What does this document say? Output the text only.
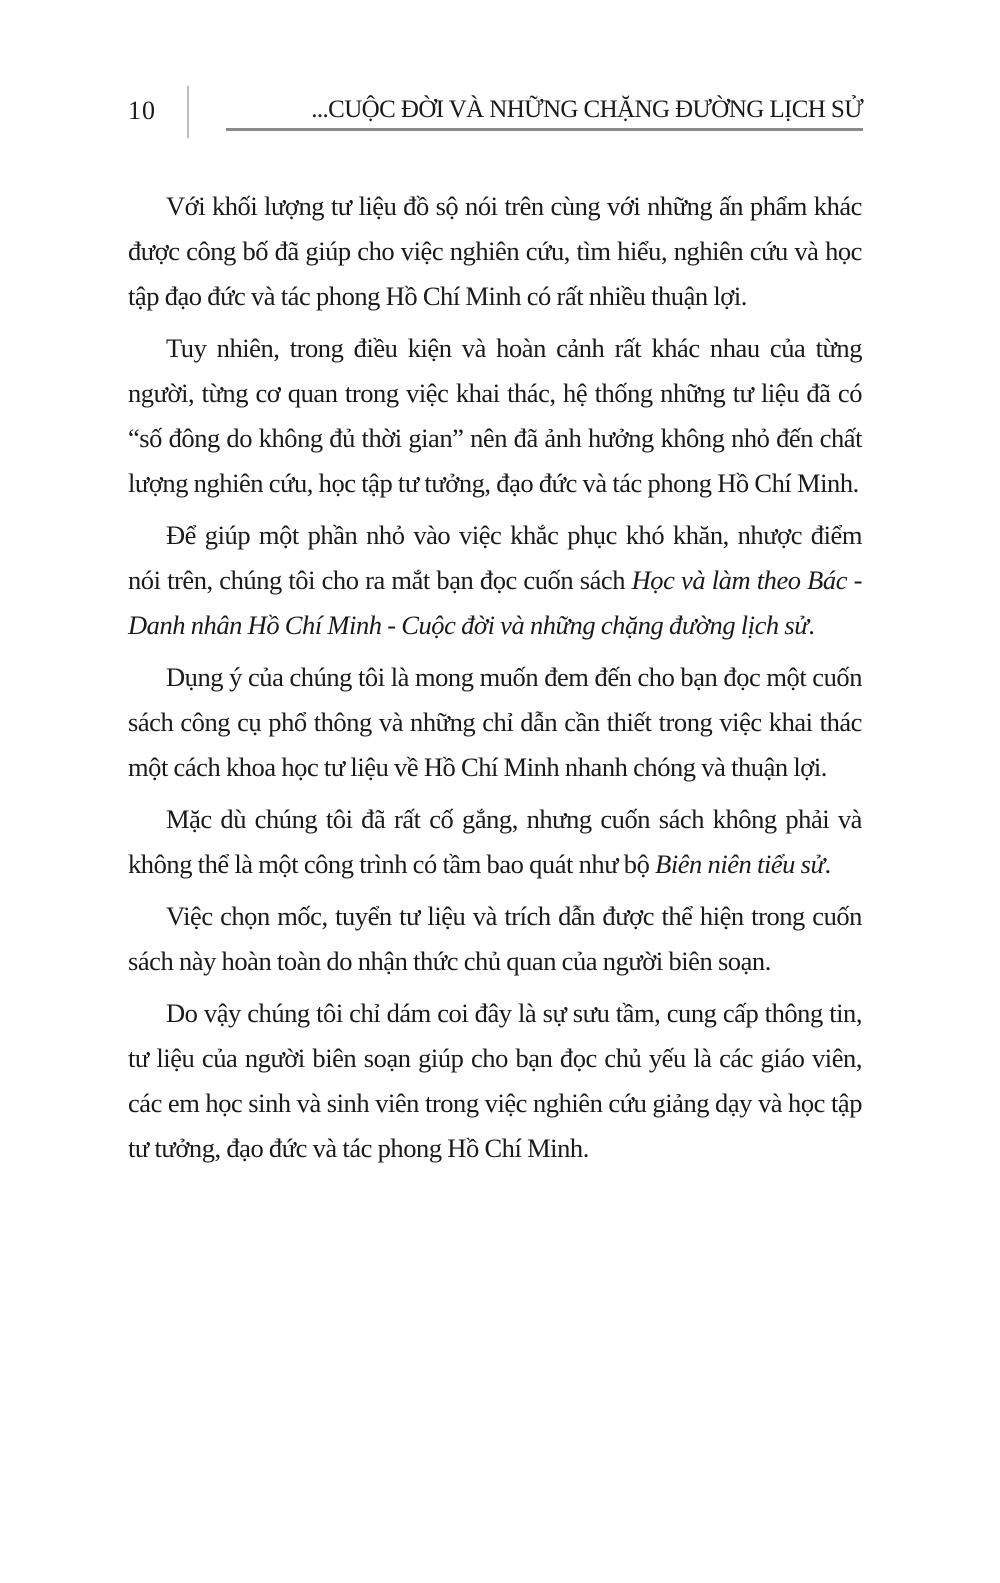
10	...CUỘC ĐỜI VÀ NHỮNG CHẶNG ĐƯỜNG LỊCH SỬ

Với khối lượng tư liệu đồ sộ nói trên cùng với những ấn phẩm khác được công bố đã giúp cho việc nghiên cứu, tìm hiểu, nghiên cứu và học tập đạo đức và tác phong Hồ Chí Minh có rất nhiều thuận lợi.

Tuy nhiên, trong điều kiện và hoàn cảnh rất khác nhau của từng người, từng cơ quan trong việc khai thác, hệ thống những tư liệu đã có “số đông do không đủ thời gian” nên đã ảnh hưởng không nhỏ đến chất lượng nghiên cứu, học tập tư tưởng, đạo đức và tác phong Hồ Chí Minh.

Để giúp một phần nhỏ vào việc khắc phục khó khăn, nhược điểm nói trên, chúng tôi cho ra mắt bạn đọc cuốn sách Học và làm theo Bác - Danh nhân Hồ Chí Minh - Cuộc đời và những chặng đường lịch sử.

Dụng ý của chúng tôi là mong muốn đem đến cho bạn đọc một cuốn sách công cụ phổ thông và những chỉ dẫn cần thiết trong việc khai thác một cách khoa học tư liệu về Hồ Chí Minh nhanh chóng và thuận lợi.

Mặc dù chúng tôi đã rất cố gắng, nhưng cuốn sách không phải và không thể là một công trình có tầm bao quát như bộ Biên niên tiểu sử.

Việc chọn mốc, tuyển tư liệu và trích dẫn được thể hiện trong cuốn sách này hoàn toàn do nhận thức chủ quan của người biên soạn.

Do vậy chúng tôi chỉ dám coi đây là sự sưu tầm, cung cấp thông tin, tư liệu của người biên soạn giúp cho bạn đọc chủ yếu là các giáo viên, các em học sinh và sinh viên trong việc nghiên cứu giảng dạy và học tập tư tưởng, đạo đức và tác phong Hồ Chí Minh.
